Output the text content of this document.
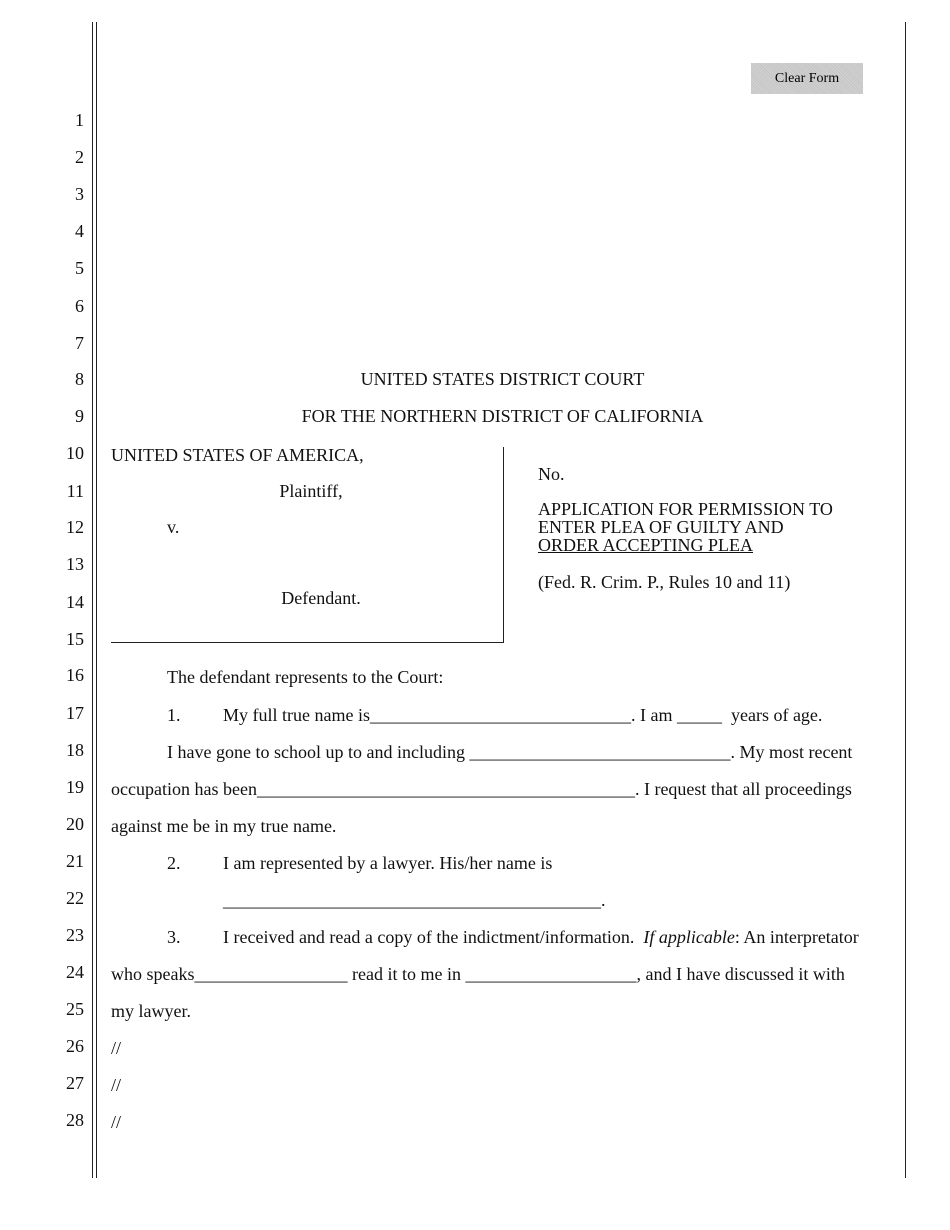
Clear Form
1
2
3
4
5
6
7
8
9
10
11
12
13
14
15
16
17
18
19
20
21
22
23
24
25
26
27
28
UNITED STATES DISTRICT COURT
FOR THE NORTHERN DISTRICT OF CALIFORNIA
UNITED STATES OF AMERICA,
Plaintiff,
v.
Defendant.
No.
APPLICATION FOR PERMISSION TO
ENTER PLEA OF GUILTY AND
ORDER ACCEPTING PLEA
(Fed. R. Crim. P., Rules 10 and 11)
The defendant represents to the Court:
1. My full true name is_____________________________. I am _____ years of age.
I have gone to school up to and including _____________________________. My most recent
occupation has been__________________________________________. I request that all proceedings
against me be in my true name.
2. I am represented by a lawyer. His/her name is
__________________________________________.
3. I received and read a copy of the indictment/information. If applicable: An interpretator
who speaks_________________ read it to me in ___________________, and I have discussed it with
my lawyer.
//
//
//
